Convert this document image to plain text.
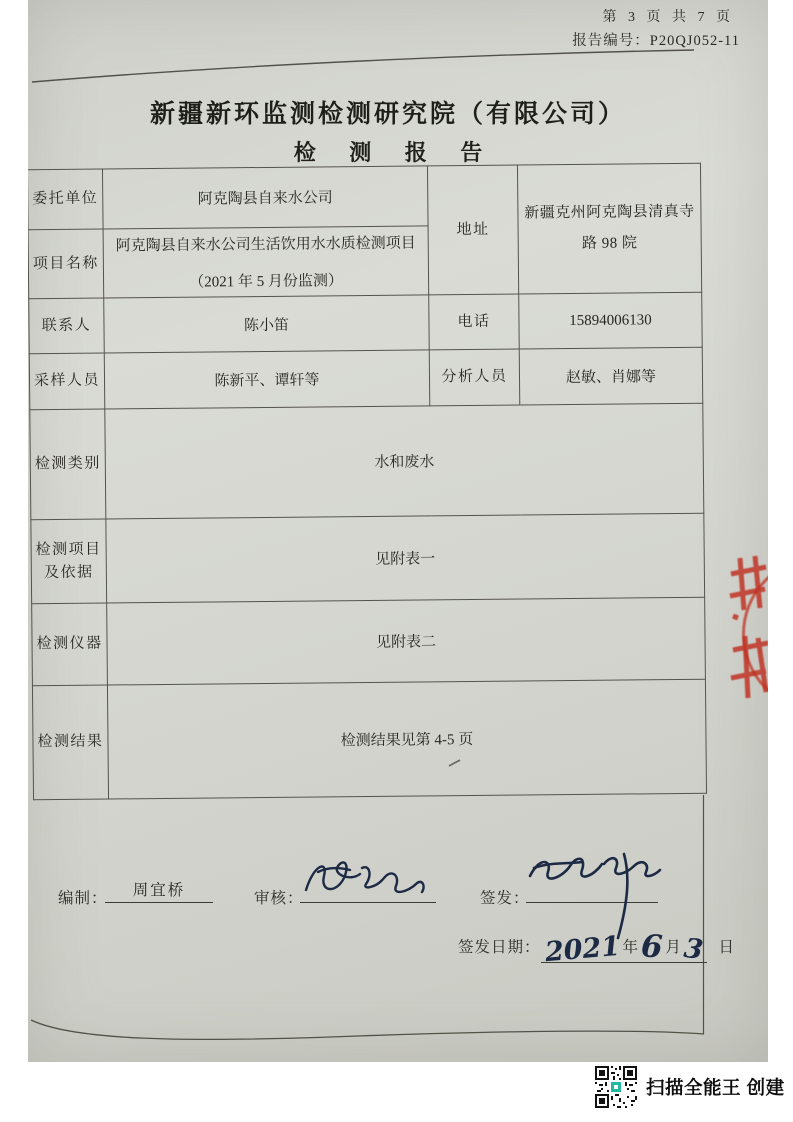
第 3 页 共 7 页
报告编号：P20QJ052-11
新疆新环监测检测研究院（有限公司）
检 测 报 告
委托单位	阿克陶县自来水公司	地址	新疆克州阿克陶县清真寺路 98 院
项目名称	阿克陶县自来水公司生活饮用水水质检测项目
（2021 年 5 月份监测）		

联系人	陈小笛	电话	15894006130
采样人员	陈新平、谭轩等	分析人员	赵敏、肖娜等
检测类别	水和废水		
检测项目及依据	见附表一		
检测仪器	见附表二		
检测结果	检测结果见第 4-5 页		
编制：	周宜桥	审核：	签发：
签发日期： 2021 年 6 月 3 日
扫描全能王 创建
